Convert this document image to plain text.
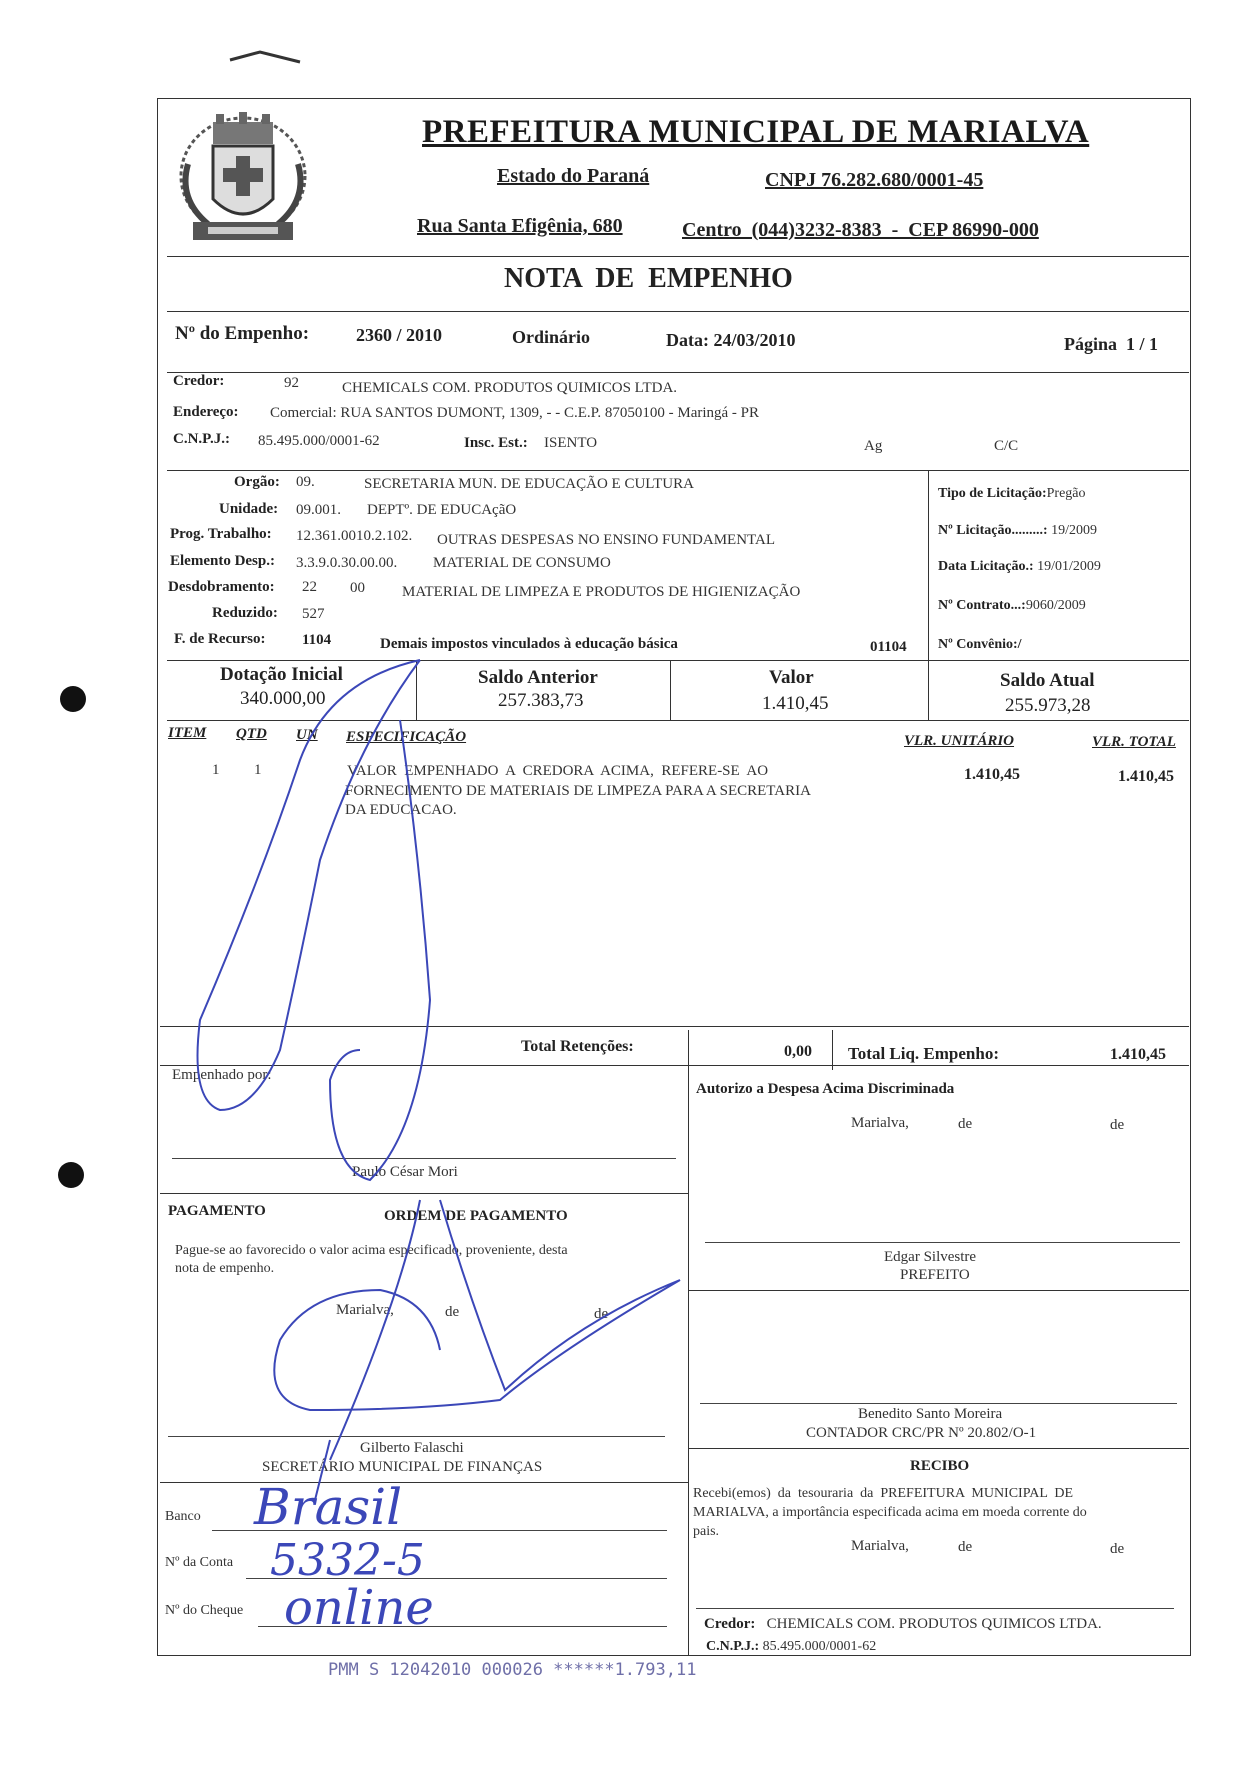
PREFEITURA MUNICIPAL DE MARIALVA
Estado do Paraná	CNPJ 76.282.680/0001-45
Rua Santa Efigênia, 680	Centro  (044)3232-8383  -  CEP 86990-000
NOTA  DE  EMPENHO
Nº do Empenho:	2360 / 2010	Ordinário	Data: 24/03/2010	Página  1 / 1
Credor:	92	CHEMICALS COM. PRODUTOS QUIMICOS LTDA.
Endereço: Comercial: RUA SANTOS DUMONT, 1309, - - C.E.P. 87050100 - Maringá - PR
C.N.P.J.: 85.495.000/0001-62	Insc. Est.: ISENTO	Ag	C/C
Orgão: 09.	SECRETARIA MUN. DE EDUCAÇÃO E CULTURA
Unidade: 09.001. DEPTº. DE EDUCAçãO
Prog. Trabalho: 12.361.0010.2.102. OUTRAS DESPESAS NO ENSINO FUNDAMENTAL
Elemento Desp.: 3.3.9.0.30.00.00. MATERIAL DE CONSUMO
Desdobramento: 22 00 MATERIAL DE LIMPEZA E PRODUTOS DE HIGIENIZAÇÃO
Reduzido: 527
F. de Recurso: 1104	Demais impostos vinculados à educação básica	01104
Tipo de Licitação:Pregão
Nº Licitação.........: 19/2009
Data Licitação.: 19/01/2009
Nº Contrato...:9060/2009
Nº Convênio:/
Dotação Inicial
340.000,00
Saldo Anterior
257.383,73
Valor
1.410,45
Saldo Atual
255.973,28
ITEM QTD UN ESPECIFICAÇÃO	VLR. UNITÁRIO	VLR. TOTAL
1 1	VALOR  EMPENHADO  A  CREDORA  ACIMA,  REFERE-SE  AO
FORNECIMENTO DE MATERIAIS DE LIMPEZA PARA A SECRETARIA
DA EDUCACAO.
1.410,45	1.410,45
Total Retenções:	0,00 Total Liq. Empenho:	1.410,45
Empenhado por:
Paulo César Mori
Autorizo a Despesa Acima Discriminada
Marialva,	de	de
Edgar Silvestre
PREFEITO
PAGAMENTO	ORDEM DE PAGAMENTO
Pague-se ao favorecido o valor acima especificado, proveniente, desta
nota de empenho.
Marialva,	de	de
Gilberto Falaschi
SECRETÁRIO MUNICIPAL DE FINANÇAS
Banco
Nº da Conta
Nº do Cheque
Brasil
5332-5
online
Benedito Santo Moreira
CONTADOR CRC/PR Nº 20.802/O-1
RECIBO
Recebi(emos)  da  tesouraria  da  PREFEITURA  MUNICIPAL  DE
MARIALVA, a importância especificada acima em moeda corrente do
pais.
Marialva,	de	de
Credor: CHEMICALS COM. PRODUTOS QUIMICOS LTDA.
C.N.P.J.: 85.495.000/0001-62
PMM S 12042010 000026 ******1.793,11
